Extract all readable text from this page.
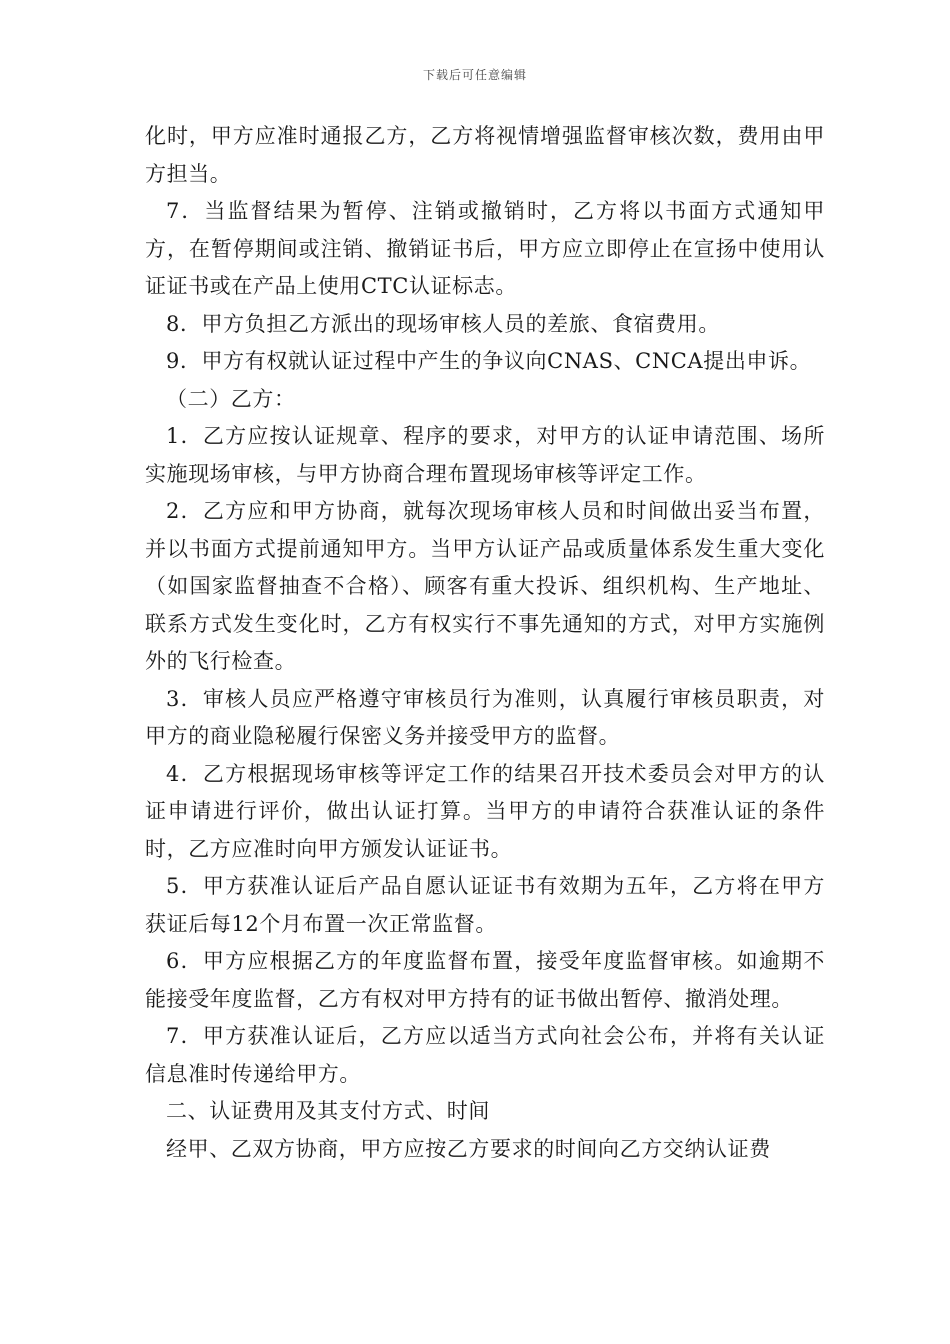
下载后可任意编辑

化时，甲方应准时通报乙方，乙方将视情增强监督审核次数，费用由甲方担当。

7．当监督结果为暂停、注销或撤销时，乙方将以书面方式通知甲方，在暂停期间或注销、撤销证书后，甲方应立即停止在宣扬中使用认证证书或在产品上使用CTC认证标志。

8．甲方负担乙方派出的现场审核人员的差旅、食宿费用。

9．甲方有权就认证过程中产生的争议向CNAS、CNCA提出申诉。

（二）乙方：

1．乙方应按认证规章、程序的要求，对甲方的认证申请范围、场所实施现场审核，与甲方协商合理布置现场审核等评定工作。

2．乙方应和甲方协商，就每次现场审核人员和时间做出妥当布置，并以书面方式提前通知甲方。当甲方认证产品或质量体系发生重大变化（如国家监督抽查不合格）、顾客有重大投诉、组织机构、生产地址、联系方式发生变化时，乙方有权实行不事先通知的方式，对甲方实施例外的飞行检查。

3．审核人员应严格遵守审核员行为准则，认真履行审核员职责，对甲方的商业隐秘履行保密义务并接受甲方的监督。

4．乙方根据现场审核等评定工作的结果召开技术委员会对甲方的认证申请进行评价，做出认证打算。当甲方的申请符合获准认证的条件时，乙方应准时向甲方颁发认证证书。

5．甲方获准认证后产品自愿认证证书有效期为五年，乙方将在甲方获证后每12个月布置一次正常监督。

6．甲方应根据乙方的年度监督布置，接受年度监督审核。如逾期不能接受年度监督，乙方有权对甲方持有的证书做出暂停、撤消处理。

7．甲方获准认证后，乙方应以适当方式向社会公布，并将有关认证信息准时传递给甲方。

二、认证费用及其支付方式、时间

经甲、乙双方协商，甲方应按乙方要求的时间向乙方交纳认证费
